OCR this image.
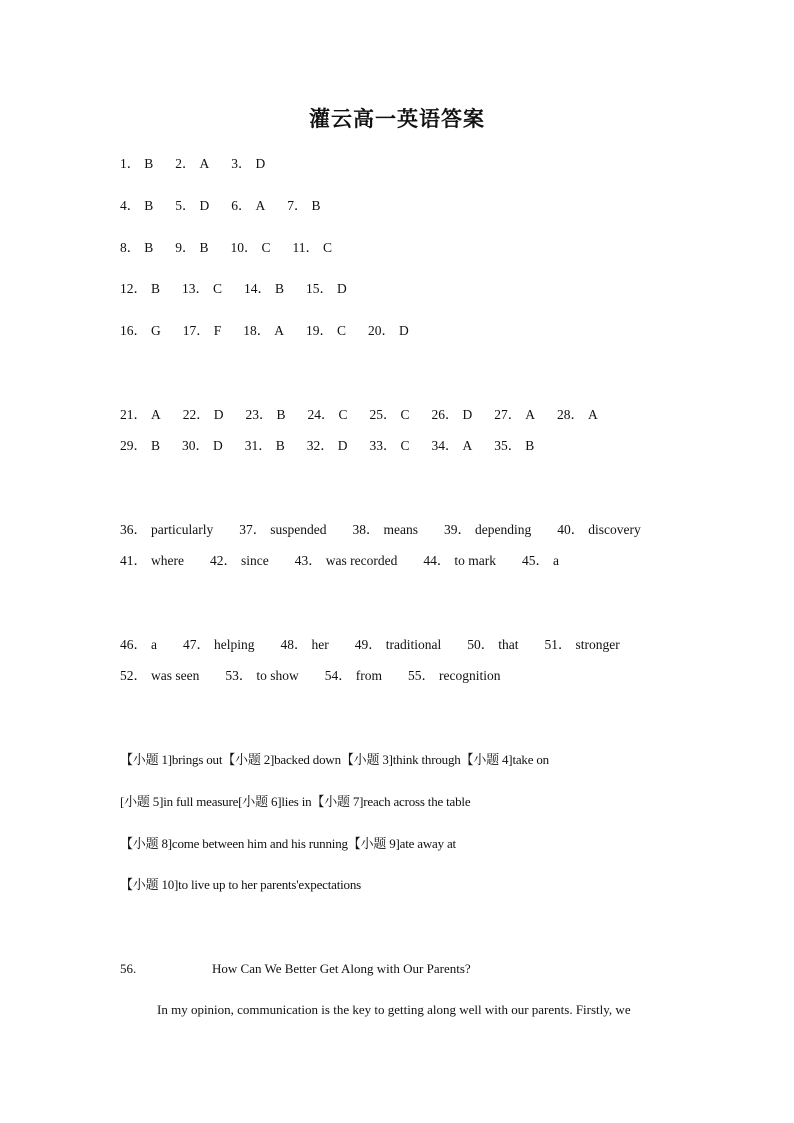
灌云高一英语答案
1． B 2． A 3． D
4． B 5． D 6． A 7． B
8． B 9． B 10． C 11． C
12． B 13． C 14． B 15． D
16． G 17． F 18． A 19． C 20． D
21． A 22． D 23． B 24． C 25． C 26． D 27． A 28． A
29． B 30． D 31． B 32． D 33． C 34． A 35． B
36． particularly 37． suspended 38． means 39． depending 40． discovery
41． where 42． since 43． was recorded 44． to mark 45． a
46． a 47． helping 48． her 49． traditional 50． that 51． stronger
52． was seen 53． to show 54． from 55． recognition
【小题 1]brings out【小题 2]backed down【小题 3]think through【小题 4]take on
[小题 5]in full measure[小题 6]lies in【小题 7]reach across the table
【小题 8]come between him and his running【小题 9]ate away at
【小题 10]to live up to her parents'expectations
56.	How Can We Better Get Along with Our Parents?
In my opinion, communication is the key to getting along well with our parents. Firstly, we
